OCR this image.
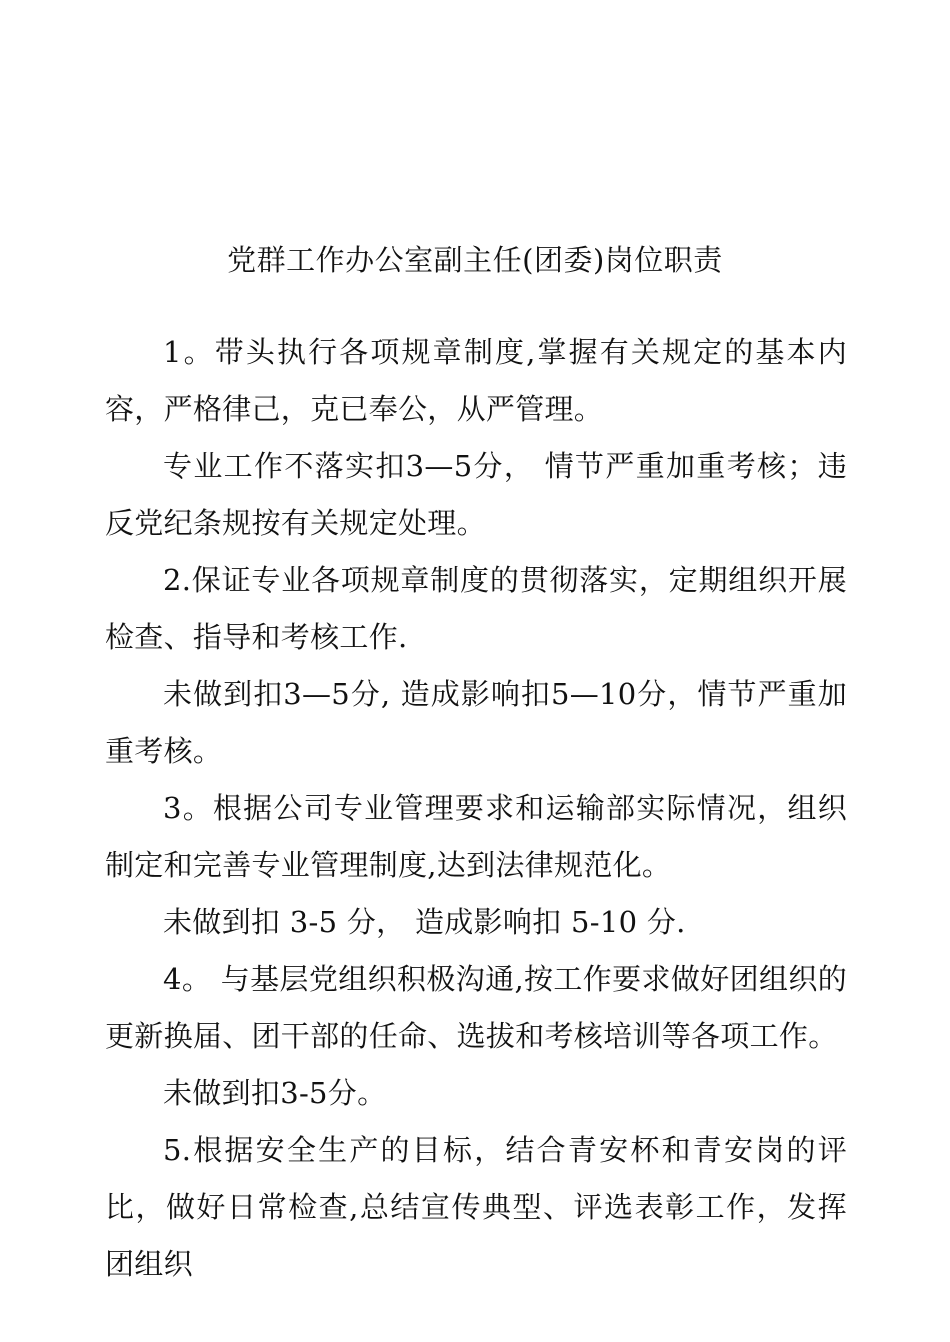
党群工作办公室副主任(团委)岗位职责

1。带头执行各项规章制度,掌握有关规定的基本内容，严格律己，克已奉公，从严管理。

专业工作不落实扣3—5分， 情节严重加重考核；违反党纪条规按有关规定处理。

2.保证专业各项规章制度的贯彻落实，定期组织开展检查、指导和考核工作.

未做到扣3—5分, 造成影响扣5—10分，情节严重加重考核。

3。根据公司专业管理要求和运输部实际情况，组织制定和完善专业管理制度,达到法律规范化。

未做到扣 3-5 分， 造成影响扣 5-10 分.

4。 与基层党组织积极沟通,按工作要求做好团组织的更新换届、团干部的任命、选拔和考核培训等各项工作。

未做到扣3-5分。

5.根据安全生产的目标，结合青安杯和青安岗的评比，做好日常检查,总结宣传典型、评选表彰工作，发挥团组织
